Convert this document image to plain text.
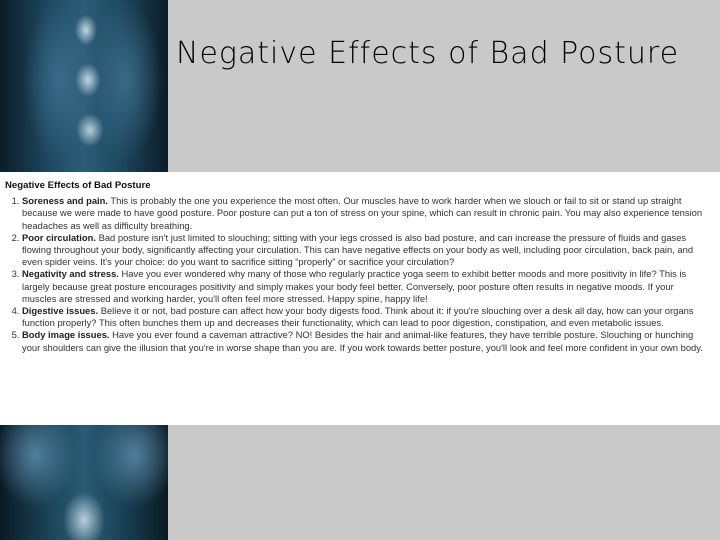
Negative Effects of Bad Posture
Negative Effects of Bad Posture
1. Soreness and pain. This is probably the one you experience the most often. Our muscles have to work harder when we slouch or fail to sit or stand up straight because we were made to have good posture. Poor posture can put a ton of stress on your spine, which can result in chronic pain. You may also experience tension headaches as well as difficulty breathing.
2. Poor circulation. Bad posture isn't just limited to slouching; sitting with your legs crossed is also bad posture, and can increase the pressure of fluids and gases flowing throughout your body, significantly affecting your circulation. This can have negative effects on your body as well, including poor circulation, back pain, and even spider veins. It's your choice: do you want to sacrifice sitting “properly” or sacrifice your circulation?
3. Negativity and stress. Have you ever wondered why many of those who regularly practice yoga seem to exhibit better moods and more positivity in life? This is largely because great posture encourages positivity and simply makes your body feel better. Conversely, poor posture often results in negative moods. If your muscles are stressed and working harder, you'll often feel more stressed. Happy spine, happy life!
4. Digestive issues. Believe it or not, bad posture can affect how your body digests food. Think about it: if you're slouching over a desk all day, how can your organs function properly? This often bunches them up and decreases their functionality, which can lead to poor digestion, constipation, and even metabolic issues.
5. Body image issues. Have you ever found a caveman attractive? NO! Besides the hair and animal-like features, they have terrible posture. Slouching or hunching your shoulders can give the illusion that you're in worse shape than you are. If you work towards better posture, you'll look and feel more confident in your own body.
